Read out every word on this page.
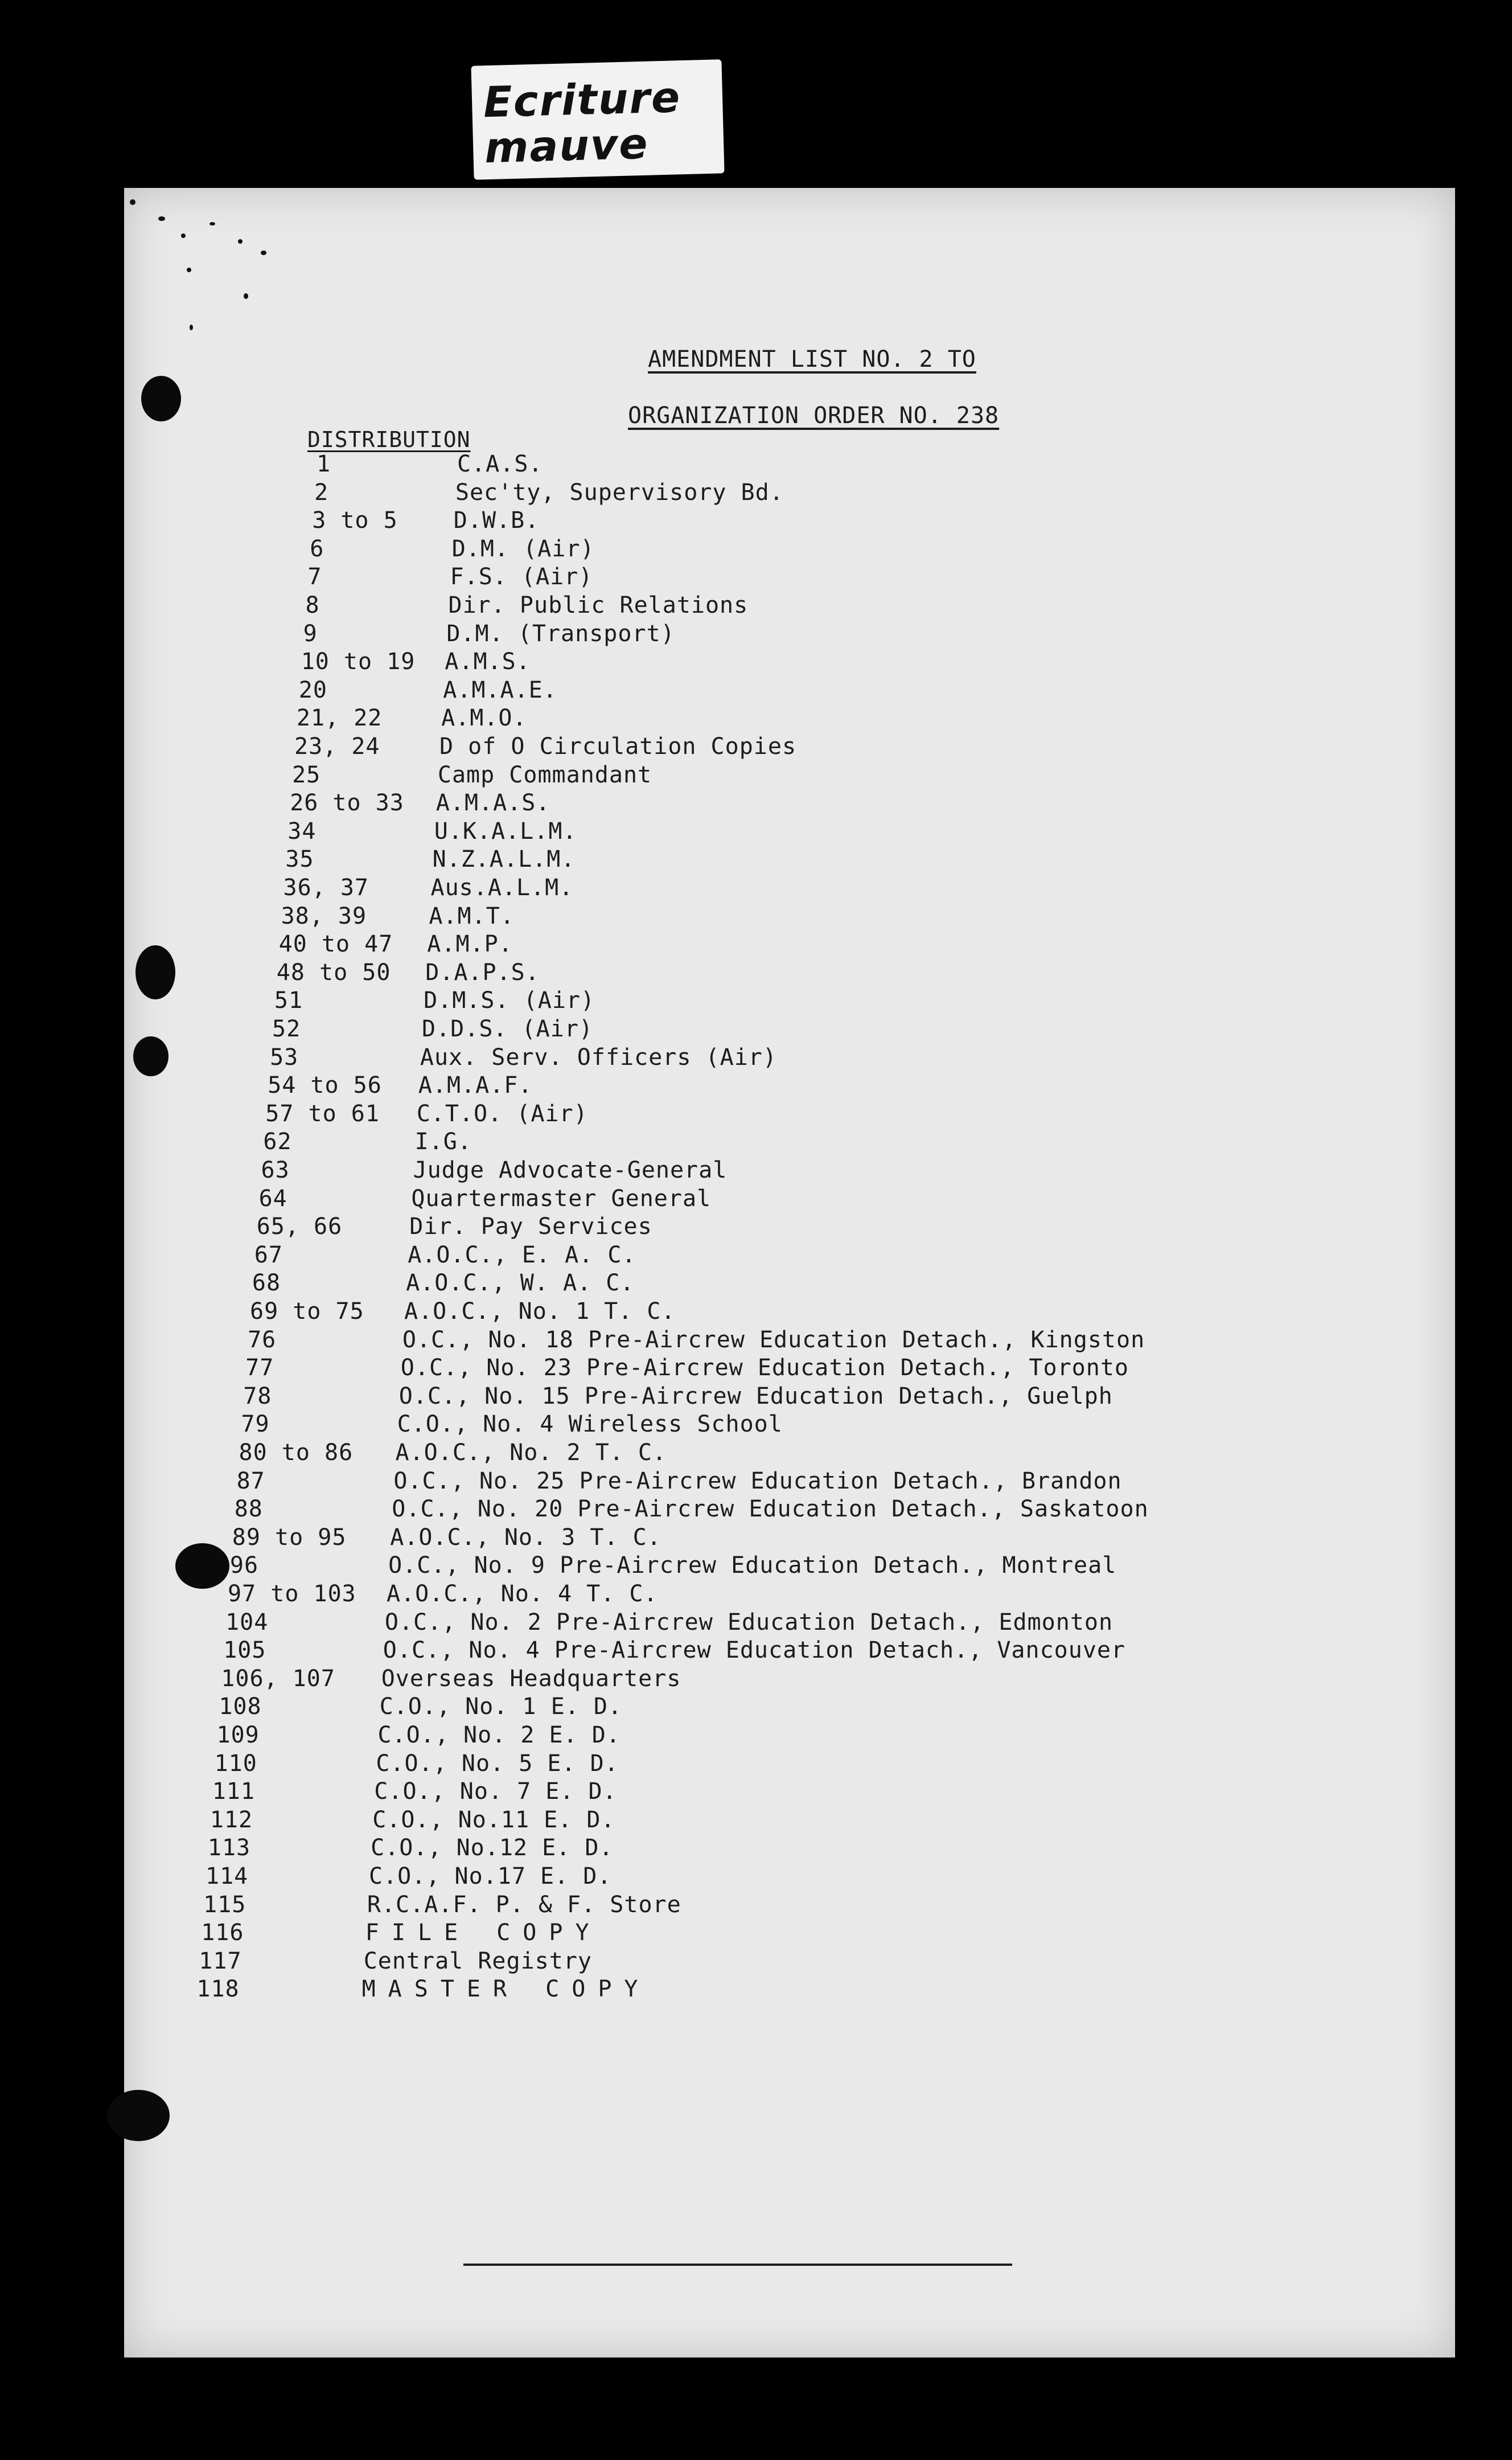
Ecriture
mauve
AMENDMENT LIST NO. 2 TO
ORGANIZATION ORDER NO. 238
DISTRIBUTION
1	C.A.S.
2	Sec'ty, Supervisory Bd.
3 to 5 D.W.B.
6	D.M. (Air)
7	F.S. (Air)
8	Dir. Public Relations
9	D.M. (Transport)
10 to 19 A.M.S.
20	A.M.A.E.
21, 22	A.M.O.
23, 24	D of O Circulation Copies
25	Camp Commandant
26 to 33 A.M.A.S.
34	U.K.A.L.M.
35	N.Z.A.L.M.
36, 37	Aus.A.L.M.
38, 39	A.M.T.
40 to 47 A.M.P.
48 to 50 D.A.P.S.
51	D.M.S. (Air)
52	D.D.S. (Air)
53	Aux. Serv. Officers (Air)
54 to 56 A.M.A.F.
57 to 61 C.T.O. (Air)
62	I.G.
63	Judge Advocate-General
64	Quartermaster General
65, 66	Dir. Pay Services
67	A.O.C., E. A. C.
68	A.O.C., W. A. C.
69 to 75 A.O.C., No. 1 T. C.
76	O.C., No. 18 Pre-Aircrew Education Detach., Kingston
77	O.C., No. 23 Pre-Aircrew Education Detach., Toronto
78	O.C., No. 15 Pre-Aircrew Education Detach., Guelph
79	C.O., No. 4 Wireless School
80 to 86 A.O.C., No. 2 T. C.
87	O.C., No. 25 Pre-Aircrew Education Detach., Brandon
88	O.C., No. 20 Pre-Aircrew Education Detach., Saskatoon
89 to 95 A.O.C., No. 3 T. C.
96	O.C., No. 9 Pre-Aircrew Education Detach., Montreal
97 to 103 A.O.C., No. 4 T. C.
104	O.C., No. 2 Pre-Aircrew Education Detach., Edmonton
105	O.C., No. 4 Pre-Aircrew Education Detach., Vancouver
106, 107 Overseas Headquarters
108	C.O., No. 1 E. D.
109	C.O., No. 2 E. D.
110	C.O., No. 5 E. D.
111	C.O., No. 7 E. D.
112	C.O., No.11 E. D.
113	C.O., No.12 E. D.
114	C.O., No.17 E. D.
115	R.C.A.F. P. & F. Store
116	FILE COPY
117	Central Registry
118	MASTER COPY
